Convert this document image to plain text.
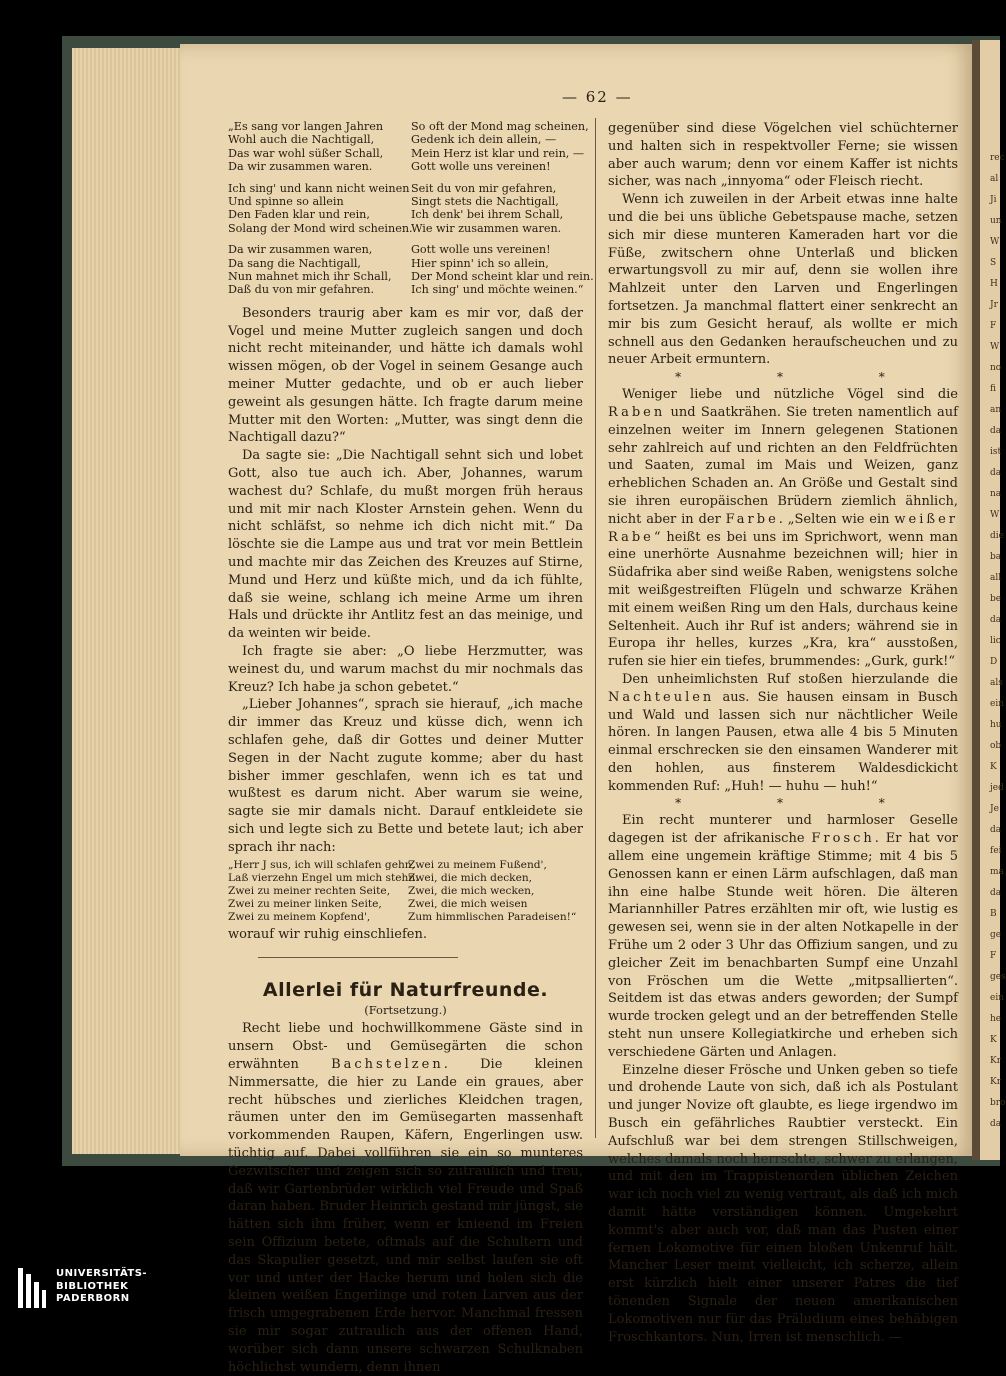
rec
al
Ji
un
W
S
H
Jr
F
W
no
fi
an
da
ist
da
na
W
die
ba
all
be
da
lic
D
als
ein
hu
ob
K
jed
Je
da
fei
ma
da
B
ge
F
ges
ein
he
K
Kr
Kr
bro
da
— 62 —
„Es sang vor langen Jahren
Wohl auch die Nachtigall,
Das war wohl süßer Schall,
Da wir zusammen waren.
Ich sing' und kann nicht weinen
Und spinne so allein
Den Faden klar und rein,
Solang der Mond wird scheinen.
Da wir zusammen waren,
Da sang die Nachtigall,
Nun mahnet mich ihr Schall,
Daß du von mir gefahren.
So oft der Mond mag scheinen,
Gedenk ich dein allein, —
Mein Herz ist klar und rein, —
Gott wolle uns vereinen!
Seit du von mir gefahren,
Singt stets die Nachtigall,
Ich denk' bei ihrem Schall,
Wie wir zusammen waren.
Gott wolle uns vereinen!
Hier spinn' ich so allein,
Der Mond scheint klar und rein.
Ich sing' und möchte weinen.“

Besonders traurig aber kam es mir vor, daß der Vogel und meine Mutter zugleich sangen und doch nicht recht miteinander, und hätte ich damals wohl wissen mögen, ob der Vogel in seinem Gesange auch meiner Mutter gedachte, und ob er auch lieber geweint als gesungen hätte. Ich fragte darum meine Mutter mit den Worten: „Mutter, was singt denn die Nachtigall dazu?“

Da sagte sie: „Die Nachtigall sehnt sich und lobet Gott, also tue auch ich. Aber, Johannes, warum wachest du? Schlafe, du mußt morgen früh heraus und mit mir nach Kloster Arnstein gehen. Wenn du nicht schläfst, so nehme ich dich nicht mit.“ Da löschte sie die Lampe aus und trat vor mein Bettlein und machte mir das Zeichen des Kreuzes auf Stirne, Mund und Herz und küßte mich, und da ich fühlte, daß sie weine, schlang ich meine Arme um ihren Hals und drückte ihr Antlitz fest an das meinige, und da weinten wir beide.

Ich fragte sie aber: „O liebe Herzmutter, was weinest du, und warum machst du mir nochmals das Kreuz? Ich habe ja schon gebetet.“

„Lieber Johannes“, sprach sie hierauf, „ich mache dir immer das Kreuz und küsse dich, wenn ich schlafen gehe, daß dir Gottes und deiner Mutter Segen in der Nacht zugute komme; aber du hast bisher immer geschlafen, wenn ich es tat und wußtest es darum nicht. Aber warum sie weine, sagte sie mir damals nicht. Darauf entkleidete sie sich und legte sich zu Bette und betete laut; ich aber sprach ihr nach:

„Herr J sus, ich will schlafen gehn,
Laß vierzehn Engel um mich stehn:
Zwei zu meiner rechten Seite,
Zwei zu meiner linken Seite,
Zwei zu meinem Kopfend',
Zwei zu meinem Fußend',
Zwei, die mich decken,
Zwei, die mich wecken,
Zwei, die mich weisen
Zum himmlischen Paradeisen!“

worauf wir ruhig einschliefen.

Allerlei für Naturfreunde.
(Fortsetzung.)

Recht liebe und hochwillkommene Gäste sind in unsern Obst- und Gemüsegärten die schon erwähnten Bachstelzen. Die kleinen Nimmersatte, die hier zu Lande ein graues, aber recht hübsches und zierliches Kleidchen tragen, räumen unter den im Gemüsegarten massenhaft vorkommenden Raupen, Käfern, Engerlingen usw. tüchtig auf. Dabei vollführen sie ein so munteres Gezwitscher und zeigen sich so zutraulich und treu, daß wir Gartenbrüder wirklich viel Freude und Spaß daran haben. Bruder Heinrich gestand mir jüngst, sie hätten sich ihm früher, wenn er knieend im Freien sein Offizium betete, oftmals auf die Schultern und das Skapulier gesetzt, und mir selbst laufen sie oft vor und unter der Hacke herum und holen sich die kleinen weißen Engerlinge und roten Larven aus der frisch umgegrabenen Erde hervor. Manchmal fressen sie mir sogar zutraulich aus der offenen Hand, worüber sich dann unsere schwarzen Schulknaben höchlichst wundern, denn ihnen

gegenüber sind diese Vögelchen viel schüchterner und halten sich in respektvoller Ferne; sie wissen aber auch warum; denn vor einem Kaffer ist nichts sicher, was nach „innyoma“ oder Fleisch riecht.

Wenn ich zuweilen in der Arbeit etwas inne halte und die bei uns übliche Gebetspause mache, setzen sich mir diese munteren Kameraden hart vor die Füße, zwitschern ohne Unterlaß und blicken erwartungsvoll zu mir auf, denn sie wollen ihre Mahlzeit unter den Larven und Engerlingen fortsetzen. Ja manchmal flattert einer senkrecht an mir bis zum Gesicht herauf, als wollte er mich schnell aus den Gedanken heraufscheuchen und zu neuer Arbeit ermuntern.

* * *

Weniger liebe und nützliche Vögel sind die Raben und Saatkrähen. Sie treten namentlich auf einzelnen weiter im Innern gelegenen Stationen sehr zahlreich auf und richten an den Feldfrüchten und Saaten, zumal im Mais und Weizen, ganz erheblichen Schaden an. An Größe und Gestalt sind sie ihren europäischen Brüdern ziemlich ähnlich, nicht aber in der Farbe. „Selten wie ein weißer Rabe“ heißt es bei uns im Sprichwort, wenn man eine unerhörte Ausnahme bezeichnen will; hier in Südafrika aber sind weiße Raben, wenigstens solche mit weißgestreiften Flügeln und schwarze Krähen mit einem weißen Ring um den Hals, durchaus keine Seltenheit. Auch ihr Ruf ist anders; während sie in Europa ihr helles, kurzes „Kra, kra“ ausstoßen, rufen sie hier ein tiefes, brummendes: „Gurk, gurk!“

Den unheimlichsten Ruf stoßen hierzulande die Nachteulen aus. Sie hausen einsam in Busch und Wald und lassen sich nur nächtlicher Weile hören. In langen Pausen, etwa alle 4 bis 5 Minuten einmal erschrecken sie den einsamen Wanderer mit den hohlen, aus finsterem Waldesdickicht kommenden Ruf: „Huh! — huhu — huh!“

* * *

Ein recht munterer und harmloser Geselle dagegen ist der afrikanische Frosch. Er hat vor allem eine ungemein kräftige Stimme; mit 4 bis 5 Genossen kann er einen Lärm aufschlagen, daß man ihn eine halbe Stunde weit hören. Die älteren Mariannhiller Patres erzählten mir oft, wie lustig es gewesen sei, wenn sie in der alten Notkapelle in der Frühe um 2 oder 3 Uhr das Offizium sangen, und zu gleicher Zeit im benachbarten Sumpf eine Unzahl von Fröschen um die Wette „mitpsallierten“. Seitdem ist das etwas anders geworden; der Sumpf wurde trocken gelegt und an der betreffenden Stelle steht nun unsere Kollegiatkirche und erheben sich verschiedene Gärten und Anlagen.

Einzelne dieser Frösche und Unken geben so tiefe und drohende Laute von sich, daß ich als Postulant und junger Novize oft glaubte, es liege irgendwo im Busch ein gefährliches Raubtier versteckt. Ein Aufschluß war bei dem strengen Stillschweigen, welches damals noch herrschte, schwer zu erlangen, und mit den im Trappistenorden üblichen Zeichen war ich noch viel zu wenig vertraut, als daß ich mich damit hätte verständigen können. Umgekehrt kommt's aber auch vor, daß man das Pusten einer fernen Lokomotive für einen bloßen Unkenruf hält. Mancher Leser meint vielleicht, ich scherze, allein erst kürzlich hielt einer unserer Patres die tief tönenden Signale der neuen amerikanischen Lokomotiven nur für das Präludium eines behäbigen Froschkantors. Nun, Irren ist menschlich. —

UNIVERSITÄTS-
BIBLIOTHEK
PADERBORN
